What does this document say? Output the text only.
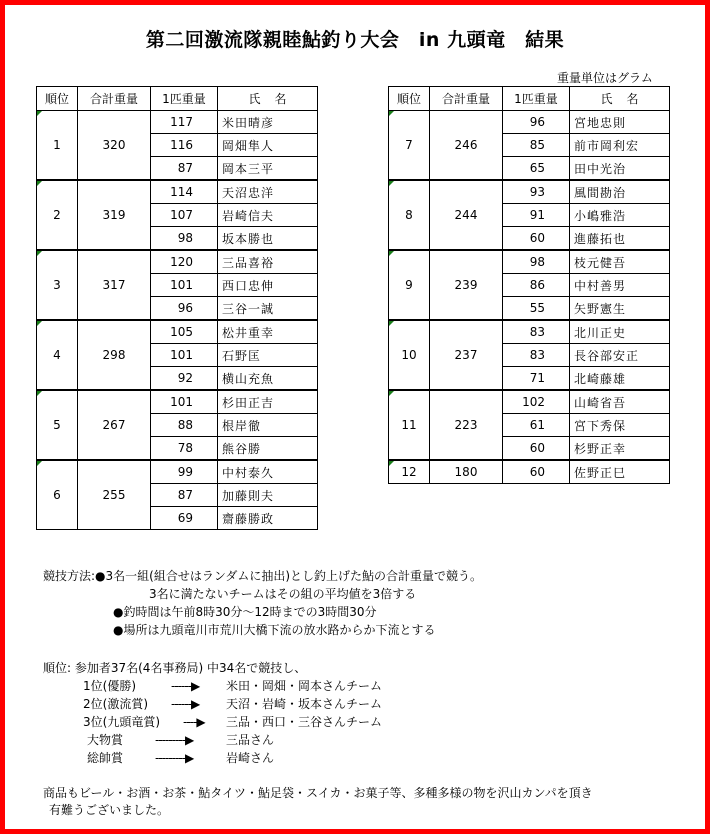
第二回激流隊親睦鮎釣り大会　in 九頭竜　結果
重量単位はグラム
順位	合計重量	1匹重量	氏名
1	320	117	米田晴彦
		116	岡畑隼人
		87	岡本三平
2	319	114	天沼忠洋
		107	岩崎信夫
		98	坂本勝也
3	317	120	三品喜裕
		101	西口忠伸
		96	三谷一誠
4	298	105	松井重幸
		101	石野匡
		92	横山充魚
5	267	101	杉田正吉
		88	根岸徹
		78	熊谷勝
6	255	99	中村泰久
		87	加藤則夫
		69	齋藤勝政
順位	合計重量	1匹重量	氏名
7	246	96	宮地忠則
		85	前市岡利宏
		65	田中光治
8	244	93	風間勘治
		91	小嶋雅浩
		60	進藤拓也
9	239	98	枝元健吾
		86	中村善男
		55	矢野憲生
10	237	83	北川正史
		83	長谷部安正
		71	北崎藤雄
11	223	102	山崎省吾
		61	宮下秀保
		60	杉野正幸
12	180	60	佐野正巳
競技方法:●3名一組(組合せはランダムに抽出)とし釣上げた鮎の合計重量で競う。
3名に満たないチームはその組の平均値を3倍する
●釣時間は午前8時30分～12時までの3時間30分
●場所は九頭竜川市荒川大橋下流の放水路からか下流とする
順位: 参加者37名(4名事務局) 中34名で競技し、
1位(優勝)	------▶ 米田・岡畑・岡本さんチーム
2位(激流賞) ------▶ 天沼・岩崎・坂本さんチーム
3位(九頭竜賞) ----▶ 三品・西口・三谷さんチーム
大物賞	---------▶	三品さん
総帥賞	---------▶	岩崎さん
商品もビール・お酒・お茶・鮎タイツ・鮎足袋・スイカ・お菓子等、多種多様の物を沢山カンパを頂き
有難うございました。
